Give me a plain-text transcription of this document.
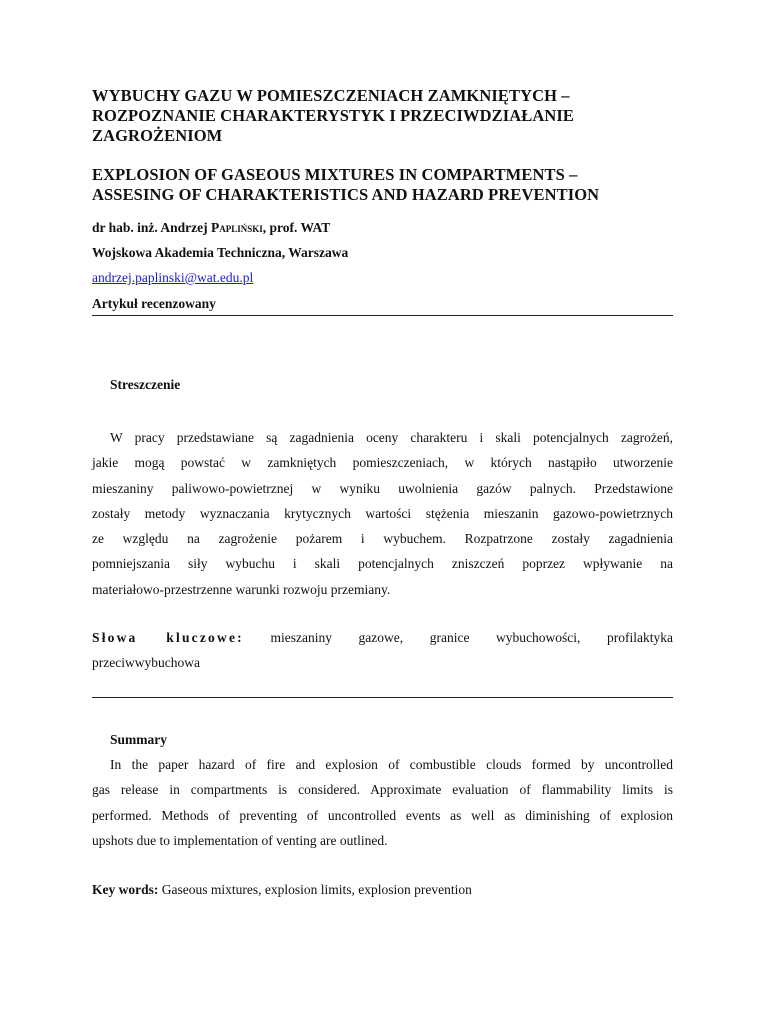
WYBUCHY GAZU W POMIESZCZENIACH ZAMKNIĘTYCH –
ROZPOZNANIE CHARAKTERYSTYK I PRZECIWDZIAŁANIE
ZAGROŻENIOM
EXPLOSION OF GASEOUS MIXTURES IN COMPARTMENTS –
ASSESING OF CHARAKTERISTICS AND HAZARD PREVENTION
dr hab. inż. Andrzej Papliński, prof. WAT
Wojskowa Akademia Techniczna, Warszawa
andrzej.paplinski@wat.edu.pl
Artykuł recenzowany
Streszczenie

W pracy przedstawiane są zagadnienia oceny charakteru i skali potencjalnych zagrożeń,
jakie mogą powstać w zamkniętych pomieszczeniach, w których nastąpiło utworzenie
mieszaniny paliwowo-powietrznej w wyniku uwolnienia gazów palnych. Przedstawione
zostały metody wyznaczania krytycznych wartości stężenia mieszanin gazowo-powietrznych
ze względu na zagrożenie pożarem i wybuchem. Rozpatrzone zostały zagadnienia
pomniejszania siły wybuchu i skali potencjalnych zniszczeń poprzez wpływanie na
materiałowo-przestrzenne warunki rozwoju przemiany.

Słowa kluczowe: mieszaniny gazowe, granice wybuchowości, profilaktyka
przeciwwybuchowa

Summary

In the paper hazard of fire and explosion of combustible clouds formed by uncontrolled
gas release in compartments is considered. Approximate evaluation of flammability limits is
performed. Methods of preventing of uncontrolled events as well as diminishing of explosion
upshots due to implementation of venting are outlined.

Key words: Gaseous mixtures, explosion limits, explosion prevention
